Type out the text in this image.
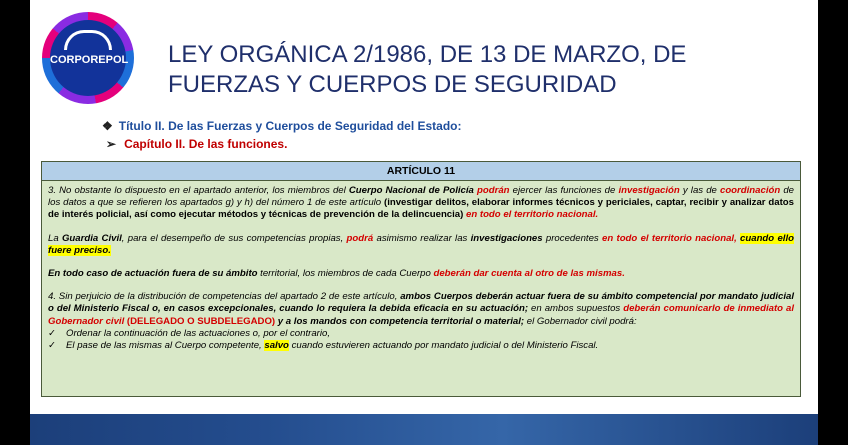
CORPOREPOL LEY ORGÁNICA 2/1986, DE 13 DE MARZO, DE
FUERZAS Y CUERPOS DE SEGURIDAD
❖ Título II. De las Fuerzas y Cuerpos de Seguridad del Estado:
➢ Capítulo II. De las funciones.
ARTÍCULO 11

3. No obstante lo dispuesto en el apartado anterior, los miembros del Cuerpo Nacional de Policía podrán ejercer las funciones de investigación y las de coordinación de los datos a que se refieren los apartados g) y h) del número 1 de este artículo (investigar delitos, elaborar informes técnicos y periciales, captar, recibir y analizar datos de interés policial, así como ejecutar métodos y técnicas de prevención de la delincuencia) en todo el territorio nacional.

La Guardia Civil, para el desempeño de sus competencias propias, podrá asimismo realizar las investigaciones procedentes en todo el territorio nacional, cuando ello fuere preciso.

En todo caso de actuación fuera de su ámbito territorial, los miembros de cada Cuerpo deberán dar cuenta al otro de las mismas.

4. Sin perjuicio de la distribución de competencias del apartado 2 de este artículo, ambos Cuerpos deberán actuar fuera de su ámbito competencial por mandato judicial o del Ministerio Fiscal o, en casos excepcionales, cuando lo requiera la debida eficacia en su actuación; en ambos supuestos deberán comunicarlo de inmediato al Gobernador civil (DELEGADO O SUBDELEGADO) y a los mandos con competencia territorial o material; el Gobernador civil podrá:

✓ Ordenar la continuación de las actuaciones o, por el contrario,
✓ El pase de las mismas al Cuerpo competente, salvo cuando estuvieren actuando por mandato judicial o del Ministerio Fiscal.
